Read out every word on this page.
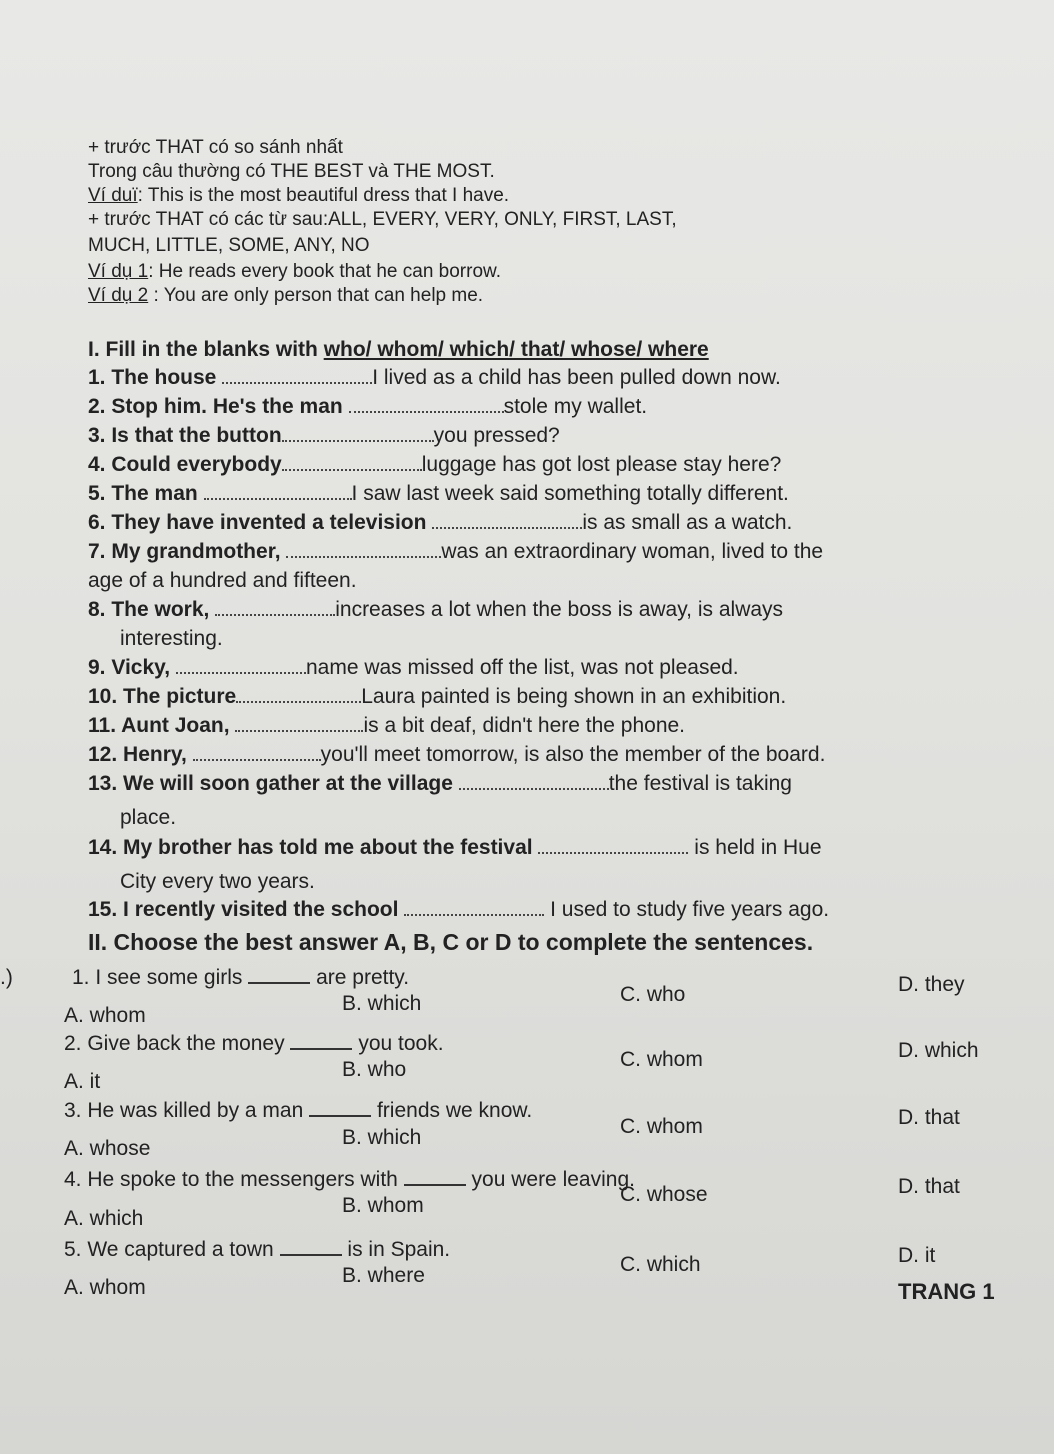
+ trước THAT có so sánh nhất
Trong câu thường có THE BEST và THE MOST.
Ví duï: This is the most beautiful dress that I have.
+ trước THAT có các từ sau:ALL, EVERY, VERY, ONLY, FIRST, LAST,
MUCH, LITTLE, SOME, ANY, NO
Ví dụ 1: He reads every book that he can borrow.
Ví dụ 2 : You are only person that can help me.
I. Fill in the blanks with who/ whom/ which/ that/ whose/ where
1. The house	I lived as a child has been pulled down now.
2. Stop him. He's the man	stole my wallet.
3. Is that the button	you pressed?
4. Could everybody	luggage has got lost please stay here?
5. The man	I saw last week said something totally different.
6. They have invented a television	is as small as a watch.
7. My grandmother,	was an extraordinary woman, lived to the
age of a hundred and fifteen.
8. The work,	increases a lot when the boss is away, is always
interesting.
9. Vicky,	name was missed off the list, was not pleased.
10. The picture	Laura painted is being shown in an exhibition.
11. Aunt Joan,	is a bit deaf, didn't here the phone.
12. Henry,	you'll meet tomorrow, is also the member of the board.
13. We will soon gather at the village	the festival is taking
place.
14. My brother has told me about the festival	is held in Hue
City every two years.
15. I recently visited the school	I used to study five years ago.
II. Choose the best answer A, B, C or D to complete the sentences.
.)	1. I see some girls	are pretty.
A. whom
B. which	C. who	D. they
2. Give back the money	you took.
A. it
B. who	C. whom	D. which
3. He was killed by a man	friends we know.
A. whose	B. which	C. whom	D. that
4. He spoke to the messengers with	you were leaving.
A. which
B. whom	C. whose	D. that
5. We captured a town	is in Spain.
A. whom
B. where	C. which	D. it
TRANG 1
